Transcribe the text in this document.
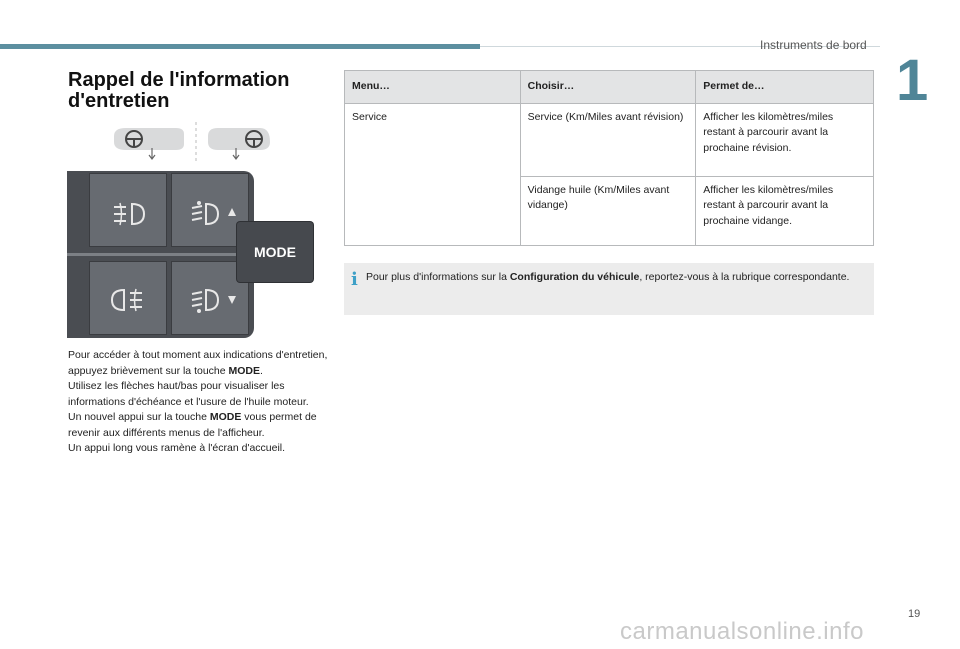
Instruments de bord
1
Rappel de l'information
d'entretien
MODE

Pour accéder à tout moment aux indications d'entretien, appuyez brièvement sur la touche MODE.

Utilisez les flèches haut/bas pour visualiser les informations d'échéance et l'usure de l'huile moteur.

Un nouvel appui sur la touche MODE vous permet de revenir aux différents menus de l'afficheur.

Un appui long vous ramène à l'écran d'accueil.

Menu…	Choisir…	Permet de…
Service	Service (Km/Miles avant révision)	Afficher les kilomètres/miles restant à parcourir avant la prochaine révision.
	Vidange huile (Km/Miles avant vidange)	Afficher les kilomètres/miles restant à parcourir avant la prochaine vidange.
i Pour plus d'informations sur la Configuration du véhicule, reportez-vous à la rubrique correspondante.
19
carmanualsonline.info
